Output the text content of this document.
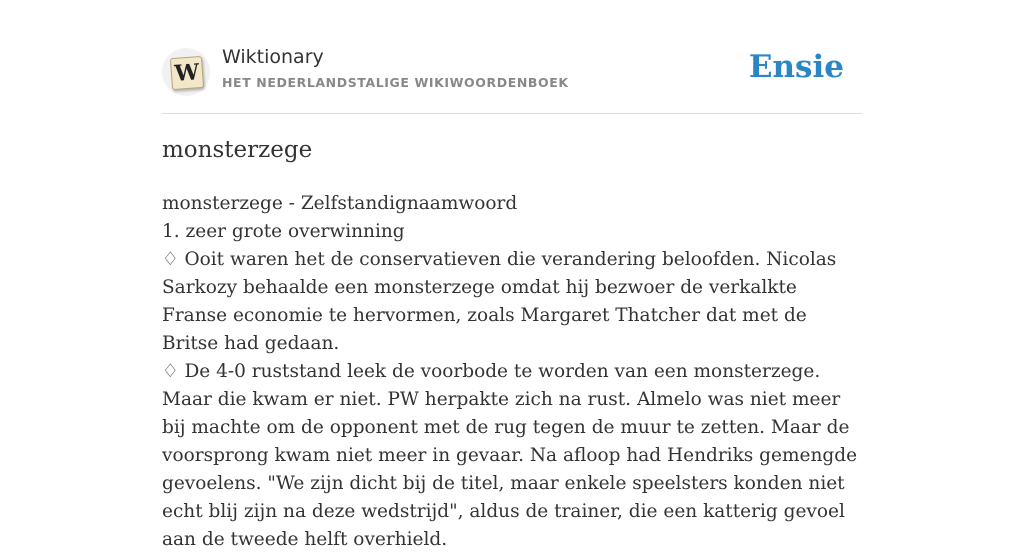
W
Wiktionary
HET NEDERLANDSTALIGE WIKIWOORDENBOEK	Ensie
monsterzege
monsterzege - Zelfstandignaamwoord
1. zeer grote overwinning
♢ Ooit waren het de conservatieven die verandering beloofden. Nicolas Sarkozy behaalde een monsterzege omdat hij bezwoer de verkalkte Franse economie te hervormen, zoals Margaret Thatcher dat met de Britse had gedaan.
♢ De 4-0 ruststand leek de voorbode te worden van een monsterzege. Maar die kwam er niet. PW herpakte zich na rust. Almelo was niet meer bij machte om de opponent met de rug tegen de muur te zetten. Maar de voorsprong kwam niet meer in gevaar. Na afloop had Hendriks gemengde gevoelens. "We zijn dicht bij de titel, maar enkele speelsters konden niet echt blij zijn na deze wedstrijd", aldus de trainer, die een katterig gevoel aan de tweede helft overhield.
